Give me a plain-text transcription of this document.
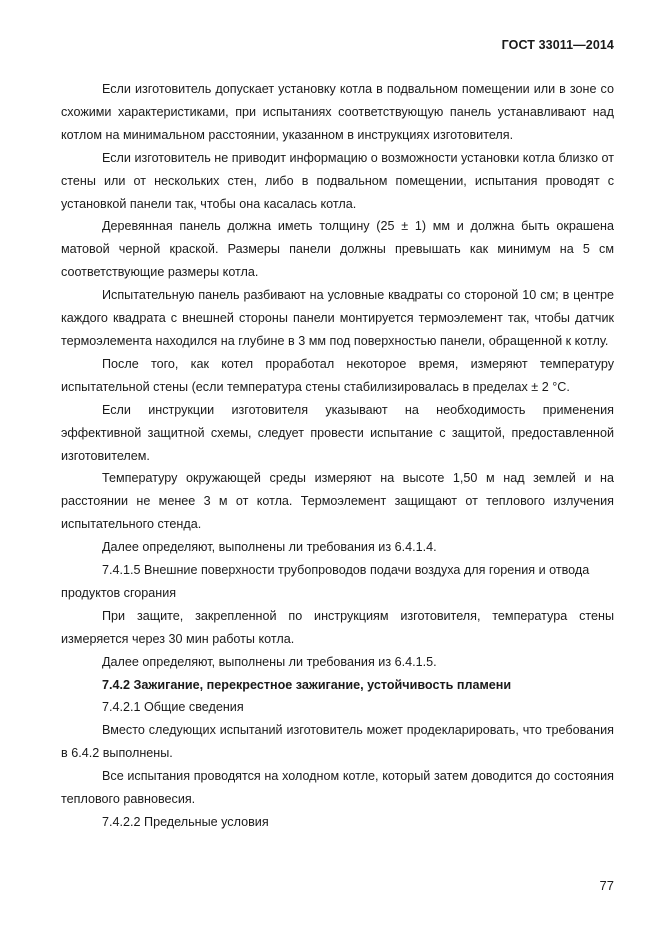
ГОСТ 33011—2014

Если изготовитель допускает установку котла в подвальном помещении или в зоне со схожими характеристиками, при испытаниях соответствующую панель устанавливают над котлом на минимальном расстоянии, указанном в инструкциях изготовителя.

Если изготовитель не приводит информацию о возможности установки котла близко от стены или от нескольких стен, либо в подвальном помещении, испытания проводят с установкой панели так, чтобы она касалась котла.

Деревянная панель должна иметь толщину (25 ± 1) мм и должна быть окрашена матовой черной краской. Размеры панели должны превышать как минимум на 5 см соответствующие размеры котла.

Испытательную панель разбивают на условные квадраты со стороной 10 см; в центре каждого квадрата с внешней стороны панели монтируется термоэлемент так, чтобы датчик термоэлемента находился на глубине в 3 мм под поверхностью панели, обращенной к котлу.

После того, как котел проработал некоторое время, измеряют температуру испытательной стены (если температура стены стабилизировалась в пределах ± 2 °С.

Если инструкции изготовителя указывают на необходимость применения эффективной защитной схемы, следует провести испытание с защитой, предоставленной изготовителем.

Температуру окружающей среды измеряют на высоте 1,50 м над землей и на расстоянии не менее 3 м от котла. Термоэлемент защищают от теплового излучения испытательного стенда.

Далее определяют, выполнены ли требования из 6.4.1.4.

7.4.1.5 Внешние поверхности трубопроводов подачи воздуха для горения и отвода продуктов сгорания

При защите, закрепленной по инструкциям изготовителя, температура стены измеряется через 30 мин работы котла.

Далее определяют, выполнены ли требования из 6.4.1.5.

7.4.2 Зажигание, перекрестное зажигание, устойчивость пламени

7.4.2.1 Общие сведения

Вместо следующих испытаний изготовитель может продекларировать, что требования в 6.4.2 выполнены.

Все испытания проводятся на холодном котле, который затем доводится до состояния теплового равновесия.

7.4.2.2 Предельные условия

77
